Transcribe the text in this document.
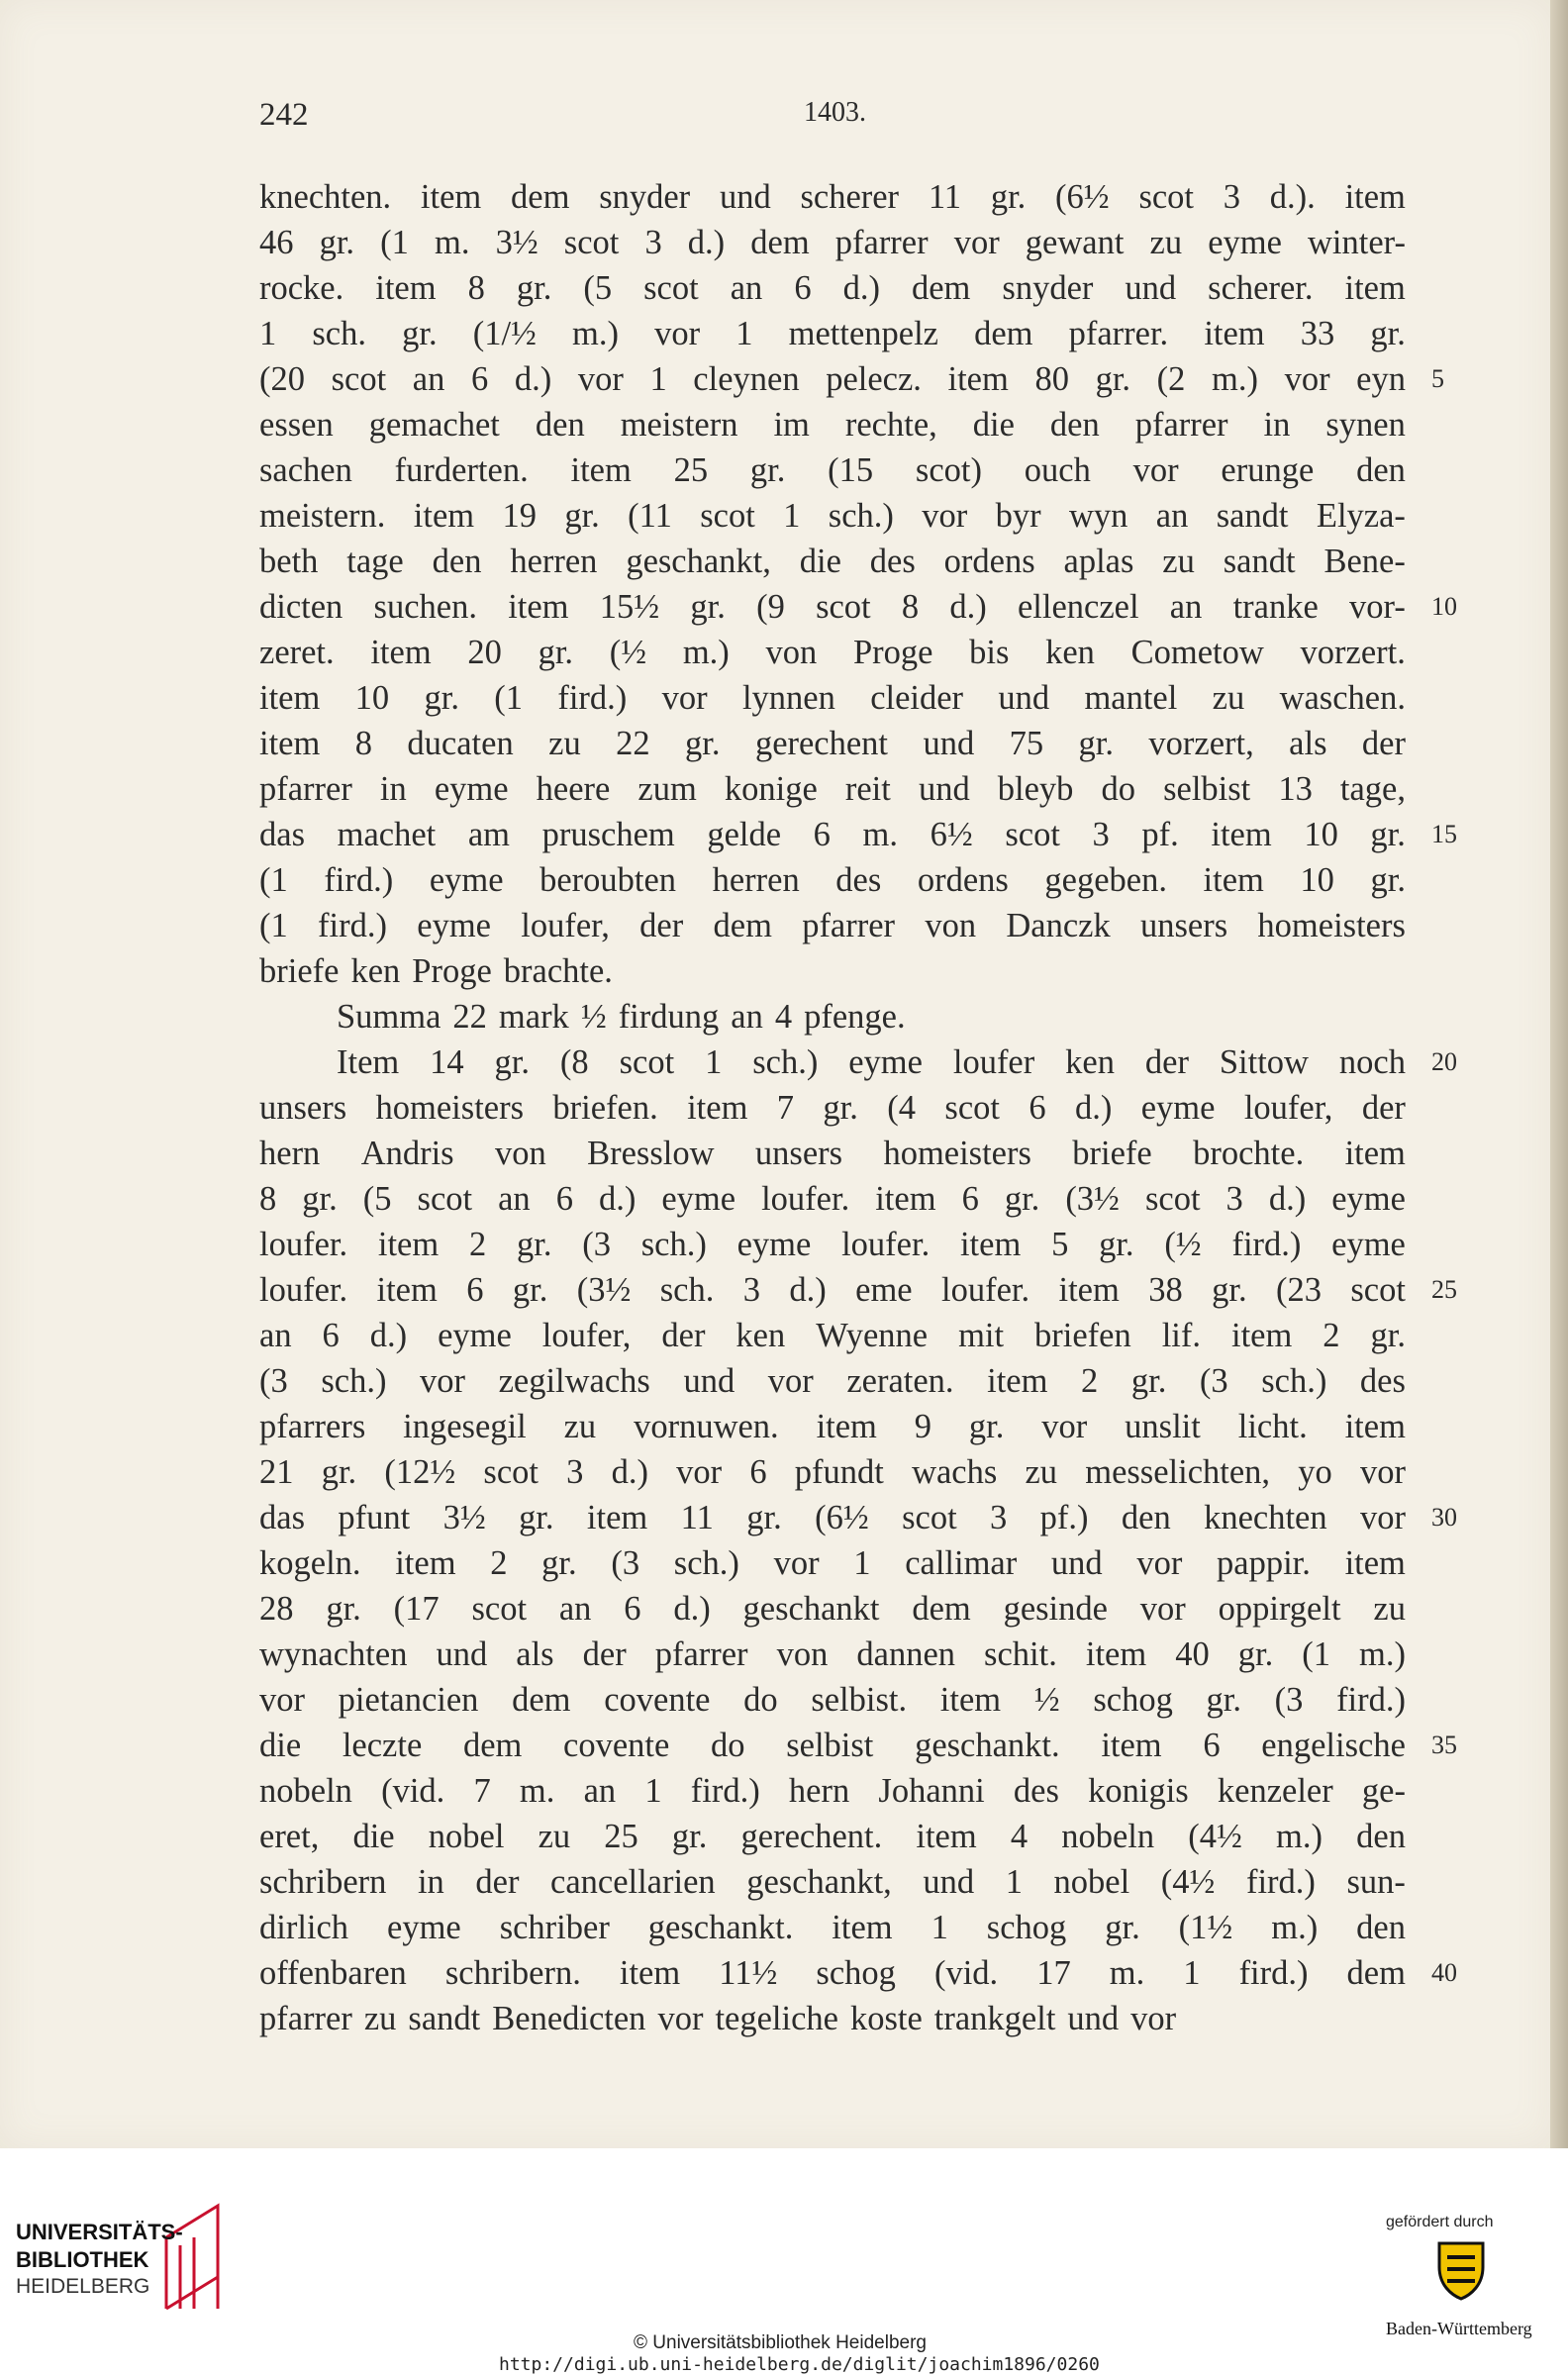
242	1403.
knechten. item dem snyder und scherer 11 gr. (6½ scot 3 d.). item
46 gr. (1 m. 3½ scot 3 d.) dem pfarrer vor gewant zu eyme winter-
rocke. item 8 gr. (5 scot an 6 d.) dem snyder und scherer. item
1 sch. gr. (1/½ m.) vor 1 mettenpelz dem pfarrer. item 33 gr.
(20 scot an 6 d.) vor 1 cleynen pelecz. item 80 gr. (2 m.) vor eyn
essen gemachet den meistern im rechte, die den pfarrer in synen
sachen furderten. item 25 gr. (15 scot) ouch vor erunge den
meistern. item 19 gr. (11 scot 1 sch.) vor byr wyn an sandt Elyza-
beth tage den herren geschankt, die des ordens aplas zu sandt Bene-
dicten suchen. item 15½ gr. (9 scot 8 d.) ellenczel an tranke vor-
zeret. item 20 gr. (½ m.) von Proge bis ken Cometow vorzert.
item 10 gr. (1 fird.) vor lynnen cleider und mantel zu waschen.
item 8 ducaten zu 22 gr. gerechent und 75 gr. vorzert, als der
pfarrer in eyme heere zum konige reit und bleyb do selbist 13 tage,
das machet am pruschem gelde 6 m. 6½ scot 3 pf. item 10 gr.
(1 fird.) eyme beroubten herren des ordens gegeben. item 10 gr.
(1 fird.) eyme loufer, der dem pfarrer von Danczk unsers homeisters
briefe ken Proge brachte.
Summa 22 mark ½ firdung an 4 pfenge.
Item 14 gr. (8 scot 1 sch.) eyme loufer ken der Sittow noch
unsers homeisters briefen. item 7 gr. (4 scot 6 d.) eyme loufer, der
hern Andris von Bresslow unsers homeisters briefe brochte. item
8 gr. (5 scot an 6 d.) eyme loufer. item 6 gr. (3½ scot 3 d.) eyme
loufer. item 2 gr. (3 sch.) eyme loufer. item 5 gr. (½ fird.) eyme
loufer. item 6 gr. (3½ sch. 3 d.) eme loufer. item 38 gr. (23 scot
an 6 d.) eyme loufer, der ken Wyenne mit briefen lif. item 2 gr.
(3 sch.) vor zegilwachs und vor zeraten. item 2 gr. (3 sch.) des
pfarrers ingesegil zu vornuwen. item 9 gr. vor unslit licht. item
21 gr. (12½ scot 3 d.) vor 6 pfundt wachs zu messelichten, yo vor
das pfunt 3½ gr. item 11 gr. (6½ scot 3 pf.) den knechten vor
kogeln. item 2 gr. (3 sch.) vor 1 callimar und vor pappir. item
28 gr. (17 scot an 6 d.) geschankt dem gesinde vor oppirgelt zu
wynachten und als der pfarrer von dannen schit. item 40 gr. (1 m.)
vor pietancien dem covente do selbist. item ½ schog gr. (3 fird.)
die leczte dem covente do selbist geschankt. item 6 engelische
nobeln (vid. 7 m. an 1 fird.) hern Johanni des konigis kenzeler ge-
eret, die nobel zu 25 gr. gerechent. item 4 nobeln (4½ m.) den
schribern in der cancellarien geschankt, und 1 nobel (4½ fird.) sun-
dirlich eyme schriber geschankt. item 1 schog gr. (1½ m.) den
offenbaren schribern. item 11½ schog (vid. 17 m. 1 fird.) dem
pfarrer zu sandt Benedicten vor tegeliche koste trankgelt und vor
5
10
15
20
25
30
35
40
UNIVERSITÄTS-
BIBLIOTHEK
HEIDELBERG
© Universitätsbibliothek Heidelberg
http://digi.ub.uni-heidelberg.de/diglit/joachim1896/0260
gefördert durch
Baden-Württemberg
